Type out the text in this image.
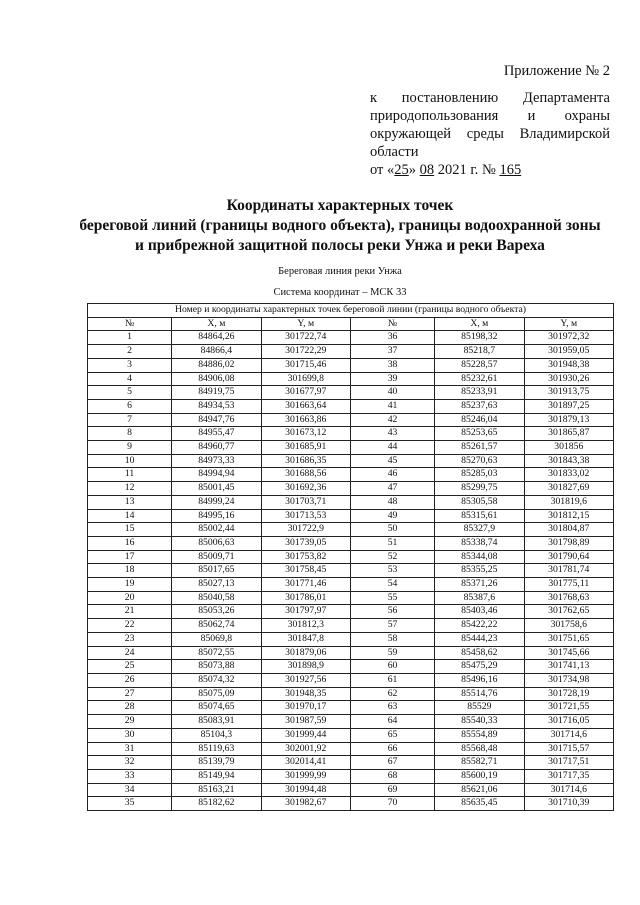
Приложение № 2
к постановлению Департамента природопользования и охраны окружающей среды Владимирской области
от «25» 08 2021 г. № 165
Координаты характерных точек
береговой линий (границы водного объекта), границы водоохранной зоны
и прибрежной защитной полосы реки Унжа и реки Вареха
Береговая линия реки Унжа
Система координат – МСК 33
Номер и координаты характерных точек береговой линии (границы водного объекта)					
№	X, м	Y, м	№	X, м	Y, м
1	84864,26	301722,74	36	85198,32	301972,32
2	84866,4	301722,29	37	85218,7	301959,05
3	84886,02	301715,46	38	85228,57	301948,38
4	84906,08	301699,8	39	85232,61	301930,26
5	84919,75	301677,97	40	85233,91	301913,75
6	84934,53	301663,64	41	85237,63	301897,25
7	84947,76	301663,86	42	85246,04	301879,13
8	84955,47	301673,12	43	85253,65	301865,87
9	84960,77	301685,91	44	85261,57	301856
10	84973,33	301686,35	45	85270,63	301843,38
11	84994,94	301688,56	46	85285,03	301833,02
12	85001,45	301692,36	47	85299,75	301827,69
13	84999,24	301703,71	48	85305,58	301819,6
14	84995,16	301713,53	49	85315,61	301812,15
15	85002,44	301722,9	50	85327,9	301804,87
16	85006,63	301739,05	51	85338,74	301798,89
17	85009,71	301753,82	52	85344,08	301790,64
18	85017,65	301758,45	53	85355,25	301781,74
19	85027,13	301771,46	54	85371,26	301775,11
20	85040,58	301786,01	55	85387,6	301768,63
21	85053,26	301797,97	56	85403,46	301762,65
22	85062,74	301812,3	57	85422,22	301758,6
23	85069,8	301847,8	58	85444,23	301751,65
24	85072,55	301879,06	59	85458,62	301745,66
25	85073,88	301898,9	60	85475,29	301741,13
26	85074,32	301927,56	61	85496,16	301734,98
27	85075,09	301948,35	62	85514,76	301728,19
28	85074,65	301970,17	63	85529	301721,55
29	85083,91	301987,59	64	85540,33	301716,05
30	85104,3	301999,44	65	85554,89	301714,6
31	85119,63	302001,92	66	85568,48	301715,57
32	85139,79	302014,41	67	85582,71	301717,51
33	85149,94	301999,99	68	85600,19	301717,35
34	85163,21	301994,48	69	85621,06	301714,6
35	85182,62	301982,67	70	85635,45	301710,39
